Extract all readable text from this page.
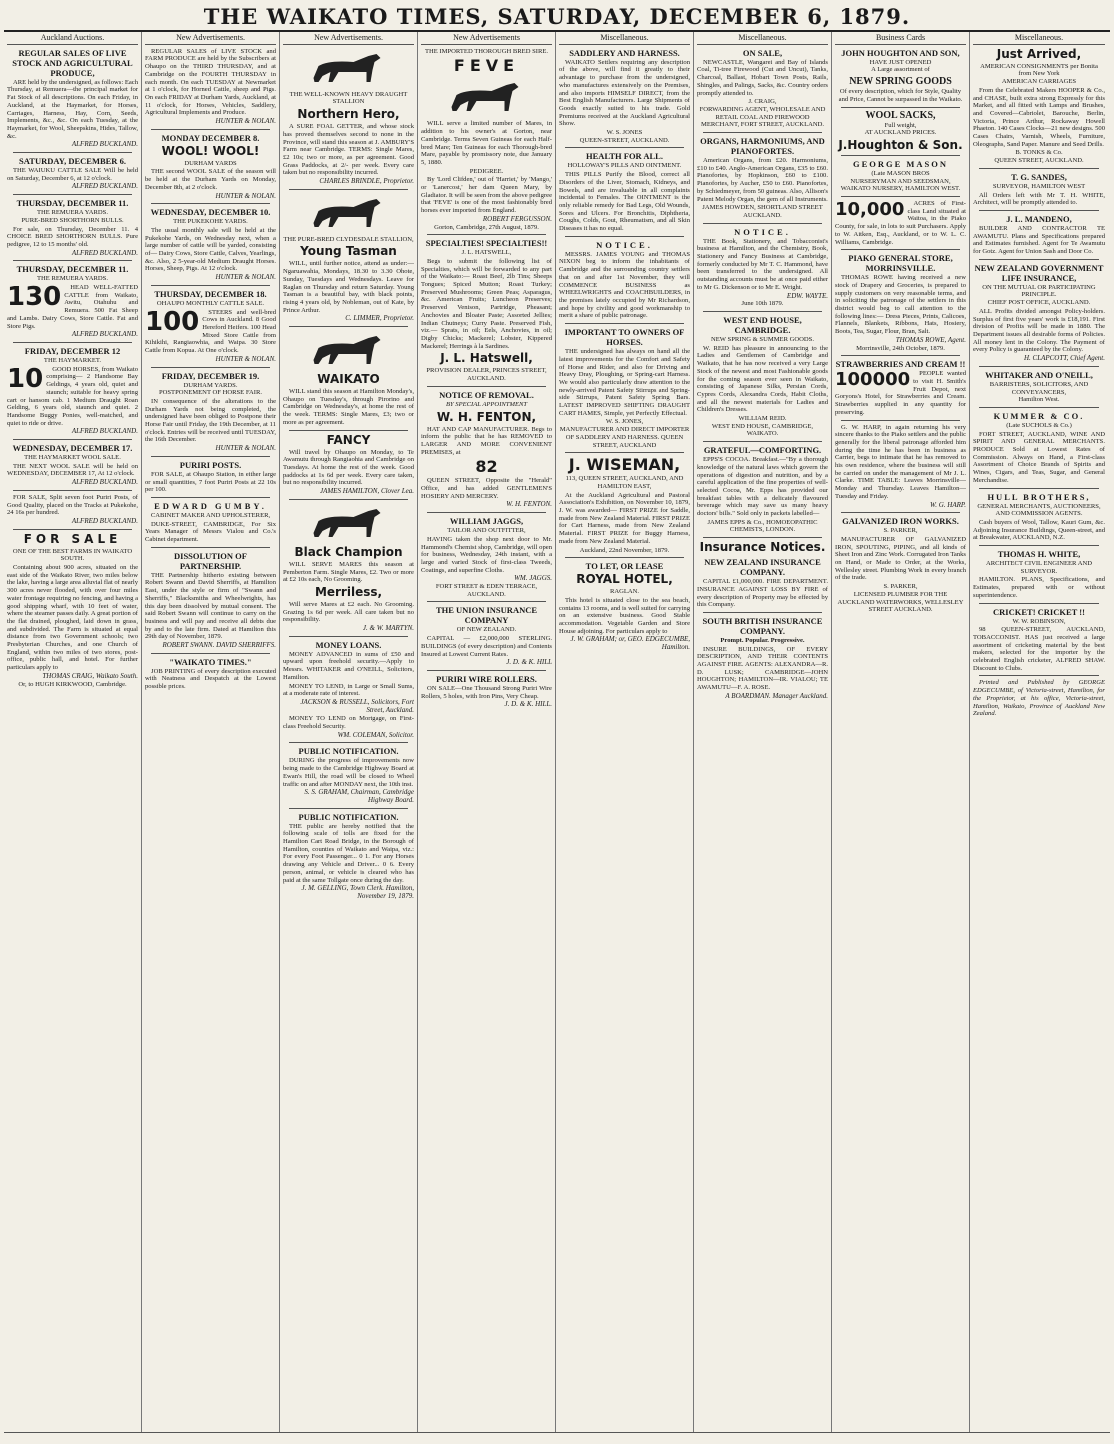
THE WAIKATO TIMES, SATURDAY, DECEMBER 6, 1879.
Auckland Auctions.
REGULAR SALES OF LIVE STOCK AND AGRICULTURAL PRODUCE,

ARE held by the undersigned, as follows: Each Thursday, at Remuera—the principal market for Fat Stock of all descriptions. On each Friday, in Auckland, at the Haymarket, for Horses, Carriages, Harness, Hay, Corn, Seeds, Implements, &c., &c. On each Tuesday, at the Haymarket, for Wool, Sheepskins, Hides, Tallow, &c.

ALFRED BUCKLAND.
SATURDAY, DECEMBER 6.

THE WAIUKU CATTLE SALE Will be held on Saturday, December 6, at 12 o'clock.

ALFRED BUCKLAND.
THURSDAY, DECEMBER 11.
THE REMUERA YARDS.
PURE-BRED SHORTHORN BULLS.

For sale, on Thursday, December 11. 4 CHOICE BRED SHORTHORN BULLS. Pure pedigree, 12 to 15 months' old.

ALFRED BUCKLAND.
THURSDAY, DECEMBER 11.
THE REMUERA YARDS.
130	HEAD WELL-FATTED CATTLE from Waikato, Awitu, Otahuhu and Remuera. 500 Fat Sheep and Lambs. Dairy Cows, Store Cattle. Fat and Store Pigs.

ALFRED BUCKLAND.
FRIDAY, DECEMBER 12
THE HAYMARKET.
10	GOOD HORSES, from Waikato comprising— 2 Handsome Bay Geldings, 4 years old, quiet and staunch; suitable for heavy spring cart or hansom cab. 1 Medium Draught Roan Gelding, 6 years old, staunch and quiet. 2 Handsome Buggy Ponies, well-matched, and quiet to ride or drive.

ALFRED BUCKLAND.
WEDNESDAY, DECEMBER 17.
THE HAYMARKET WOOL SALE.

THE NEXT WOOL SALE will be held on WEDNESDAY, DECEMBER 17, At 12 o'clock.

ALFRED BUCKLAND.

FOR SALE, Split seven foot Puriri Posts, of Good Quality, placed on the Tracks at Pukekohe, 24 16s per hundred.

ALFRED BUCKLAND.
FOR SALE
ONE OF THE BEST FARMS IN WAIKATO SOUTH.

Containing about 900 acres, situated on the east side of the Waikato River, two miles below the lake, having a large area alluvial flat of nearly 300 acres never flooded, with over four miles water frontage requiring no fencing, and having a good shipping wharf, with 10 feet of water, where the steamer passes daily. A great portion of the flat drained, ploughed, laid down in grass, and subdivided. The Farm is situated at equal distance from two Government schools; two Presbyterian Churches, and one Church of England, within two miles of two stores, post-office, public hall, and hotel. For further particulars apply to

THOMAS CRAIG, Waikato South.
Or, to HUGH KIRKWOOD, Cambridge.
New Advertisements.

REGULAR SALES of LIVE STOCK and FARM PRODUCE are held by the Subscribers at Ohaupo on the THIRD THURSDAY, and at Cambridge on the FOURTH THURSDAY in each month. On each TUESDAY at Newmarket at 1 o'clock, for Horned Cattle, sheep and Pigs. On each FRIDAY at Durham Yards, Auckland, at 11 o'clock, for Horses, Vehicles, Saddlery, Agricultural Implements and Produce.

HUNTER & NOLAN.
MONDAY DECEMBER 8.
WOOL! WOOL!
DURHAM YARDS

THE second WOOL SALE of the season will be held at the Durham Yards on Monday, December 8th, at 2 o'clock.

HUNTER & NOLAN.
WEDNESDAY, DECEMBER 10.
THE PUKEKOHE YARDS.

The usual monthly sale will be held at the Pukekohe Yards, on Wednesday next, when a large number of cattle will be yarded, consisting of— Dairy Cows, Store Cattle, Calves, Yearlings, &c. Also, 2 5-year-old Medium Draught Horses. Horses, Sheep, Pigs. At 12 o'clock.

HUNTER & NOLAN.
THURSDAY, DECEMBER 18.
OHAUPO MONTHLY CATTLE SALE.
100	STEERS and well-bred Cows in Auckland. 8 Good Hereford Heifers. 100 Head Mixed Store Cattle from Kihikihi, Rangiaowhia, and Waipa. 30 Store Cattle from Kopua. At One o'clock.

HUNTER & NOLAN.
FRIDAY, DECEMBER 19.
DURHAM YARDS.
POSTPONEMENT OF HORSE FAIR.

IN consequence of the alterations to the Durham Yards not being completed, the undersigned have been obliged to Postpone their Horse Fair until Friday, the 19th December, at 11 o'clock. Entries will be received until TUESDAY, the 16th December.

HUNTER & NOLAN.
PURIRI POSTS.

FOR SALE, at Ohaupo Station, in either large or small quantities, 7 foot Puriri Posts at 22 10s per 100.

EDWARD GUMBY.
CABINET MAKER AND UPHOLSTERER,

DUKE-STREET, CAMBRIDGE, For Six Years Manager of Messrs Vialou and Co.'s Cabinet department.

DISSOLUTION OF PARTNERSHIP.

THE Partnership hitherto existing between Robert Swann and David Sherriffs, at Hamilton East, under the style or firm of "Swann and Sherriffs," Blacksmiths and Wheelwrights, has this day been dissolved by mutual consent. The said Robert Swann will continue to carry on the business and will pay and receive all debts due by and to the late firm. Dated at Hamilton this 29th day of November, 1879.

ROBERT SWANN. DAVID SHERRIFFS.
"WAIKATO TIMES."

JOB PRINTING of every description executed with Neatness and Despatch at the Lowest possible prices.

New Advertisements.
THE WELL-KNOWN HEAVY DRAUGHT STALLION
Northern Hero,

A SURE FOAL GETTER, and whose stock has proved themselves second to none in the Province, will stand this season at J. AMBURY'S Farm near Cambridge. TERMS: Single Mares, £2 10s; two or more, as per agreement. Good Grass Paddocks, at 2/- per week. Every care taken but no responsibility incurred.

CHARLES BRINDLE, Proprietor.
THE PURE-BRED CLYDESDALE STALLION,
Young Tasman

WILL, until further notice, attend as under:— Ngaruawahia, Mondays, 18.30 to 3.30 Ohote, Sunday, Tuesdays and Wednesdays. Leave for Raglan on Thursday and return Saturday. Young Tasman is a beautiful bay, with black points, rising 4 years old, by Nobleman, out of Kate, by Prince Arthur.

C. LIMMER, Proprietor.
WAIKATO

WILL stand this season at Hamilton Monday's, Ohaupo on Tuesday's, through Pirorino and Cambridge on Wednesday's, at home the rest of the week. TERMS: Single Mares, £3; two or more as per agreement.

FANCY

Will travel by Ohaupo on Monday, to Te Awamutu through Rangiaohia and Cambridge on Tuesdays. At home the rest of the week. Good paddocks at 1s 6d per week. Every care taken, but no responsibility incurred.

JAMES HAMILTON, Clover Lea.
Black Champion

WILL SERVE MARES this season at Pemberton Farm. Single Mares, £2. Two or more at £2 10s each, No Grooming.

Merriless,

Will serve Mares at £2 each. No Grooming. Grazing 1s 6d per week. All care taken but no responsibility.

J. & W. MARTYN.
MONEY LOANS.

MONEY ADVANCED in sums of £50 and upward upon freehold security.—Apply to Messrs. WHITAKER and O'NEILL, Solicitors, Hamilton.

MONEY TO LEND, in Large or Small Sums, at a moderate rate of interest.

JACKSON & RUSSELL, Solicitors, Fort Street, Auckland.

MONEY TO LEND on Mortgage, on First-class Freehold Security.

WM. COLEMAN, Solicitor.
PUBLIC NOTIFICATION.

DURING the progress of improvements now being made to the Cambridge Highway Board at Ewan's Hill, the road will be closed to Wheel traffic on and after MONDAY next, the 10th inst.

S. S. GRAHAM, Chairman, Cambridge Highway Board.
PUBLIC NOTIFICATION.

THE public are hereby notified that the following scale of tolls are fixed for the Hamilton Cart Road Bridge, in the Borough of Hamilton, counties of Waikato and Waipa, viz.: For every Foot Passenger... 0 1. For any Horses drawing any Vehicle and Driver... 0 6. Every person, animal, or vehicle is cleared who has paid at the same Tollgate once during the day.

J. M. GELLING, Town Clerk. Hamilton, November 19, 1879.
New Advertisements
THE IMPORTED THOROUGH BRED SIRE.
FEVE

WILL serve a limited number of Mares, in addition to his owner's at Gorton, near Cambridge. Terms Seven Guineas for each Half-bred Mare; Ten Guineas for each Thorough-bred Mare, payable by promissory note, due January 5, 1880.

PEDIGREE.

By 'Lord Clifden,' out of 'Harriet,' by 'Mango,' or 'Lanercost,' her dam Queen Mary, by Gladiator. It will be seen from the above pedigree that 'FEVE' is one of the most fashionably bred horses ever imported from England.

ROBERT FERGUSSON.
Gorton, Cambridge, 27th August, 1879.
SPECIALTIES! SPECIALTIES!!
J. L. HATSWELL,

Begs to submit the following list of Specialties, which will be forwarded to any part of the Waikato:— Roast Beef, 2lb Tins; Sheeps Tongues; Spiced Mutton; Roast Turkey; Preserved Mushrooms; Green Peas; Asparagus, &c. American Fruits; Luncheon Preserves; Preserved Venison, Partridge, Pheasant; Anchovies and Bloater Paste; Assorted Jellies; Indian Chutneys; Curry Paste. Preserved Fish, viz.— Sprats, in oil; Eels, Anchovies, in oil; Digby Chicks; Mackerel; Lobster, Kippered Mackerel; Herrings à la Sardines.

J. L. Hatswell,
PROVISION DEALER, PRINCES STREET, AUCKLAND.
NOTICE OF REMOVAL.
BY SPECIAL APPOINTMENT
W. H. FENTON,

HAT AND CAP MANUFACTURER. Begs to inform the public that he has REMOVED to LARGER AND MORE CONVENIENT PREMISES, at

82

QUEEN STREET, Opposite the "Herald" Office, and has added GENTLEMEN'S HOSIERY AND MERCERY.

W. H. FENTON.
WILLIAM JAGGS,
TAILOR AND OUTFITTER,

HAVING taken the shop next door to Mr. Hammond's Chemist shop, Cambridge, will open for business, Wednesday, 24th instant, with a large and varied Stock of first-class Tweeds, Coatings, and superfine Cloths.

WM. JAGGS.
FORT STREET & EDEN TERRACE, AUCKLAND.
THE UNION INSURANCE COMPANY
OF NEW ZEALAND.

CAPITAL — £2,000,000 STERLING. BUILDINGS (of every description) and Contents Insured at Lowest Current Rates.

J. D. & K. HILL
PURIRI WIRE ROLLERS.

ON SALE—One Thousand Strong Puriri Wire Rollers, 5 holes, with Iron Pins, Very Cheap.

J. D. & K. HILL.
Miscellaneous.
SADDLERY AND HARNESS.

WAIKATO Settlers requiring any description of the above, will find it greatly to their advantage to purchase from the undersigned, who manufactures extensively on the Premises, and also imports HIMSELF DIRECT, from the Best English Manufacturers. Large Shipments of Goods exactly suited to his trade. Gold Premiums received at the Auckland Agricultural Show.

W. S. JONES
QUEEN-STREET, AUCKLAND.
HEALTH FOR ALL.
HOLLOWAY'S PILLS AND OINTMENT.

THIS PILLS Purify the Blood, correct all Disorders of the Liver, Stomach, Kidneys, and Bowels, and are invaluable in all complaints incidental to Females. The OINTMENT is the only reliable remedy for Bad Legs, Old Wounds, Sores and Ulcers. For Bronchitis, Diphtheria, Coughs, Colds, Gout, Rheumatism, and all Skin Diseases it has no equal.

NOTICE.

MESSRS. JAMES YOUNG and THOMAS NIXON beg to inform the inhabitants of Cambridge and the surrounding country settlers that on and after 1st November, they will COMMENCE BUSINESS as WHEELWRIGHTS and COACHBUILDERS, in the premises lately occupied by Mr Richardson, and hope by civility and good workmanship to merit a share of public patronage.

IMPORTANT TO OWNERS OF HORSES.

THE undersigned has always on hand all the latest improvements for the Comfort and Safety of Horse and Rider, and also for Driving and Heavy Dray, Ploughing, or Spring-cart Harness. We would also particularly draw attention to the newly-arrived Patent Safety Stirrups and Spring-side Stirrups, Patent Safety Spring Bars. LATEST IMPROVED SHIFTING DRAUGHT CART HAMES, Simple, yet Perfectly Effectual.

W. S. JONES,
MANUFACTURER AND DIRECT IMPORTER OF SADDLERY AND HARNESS. QUEEN STREET, AUCKLAND
J. WISEMAN,
113, QUEEN STREET, AUCKLAND, AND HAMILTON EAST,

At the Auckland Agricultural and Pastoral Association's Exhibition, on November 10, 1879, J. W. was awarded— FIRST PRIZE for Saddle, made from New Zealand Material. FIRST PRIZE for Cart Harness, made from New Zealand Material. FIRST PRIZE for Buggy Harness, made from New Zealand Material.

Auckland, 22nd November, 1879.
TO LET, OR LEASE
ROYAL HOTEL,
RAGLAN.

This hotel is situated close to the sea beach, contains 13 rooms, and is well suited for carrying on an extensive business. Good Stable accommodation. Vegetable Garden and Store House adjoining. For particulars apply to

J. W. GRAHAM; or, GEO. EDGECUMBE, Hamilton.
Miscellaneous.
ON SALE,

NEWCASTLE, Wangarei and Bay of Islands Coal, Ti-tree Firewood (Cut and Uncut), Tanks, Charcoal, Ballast, Hobart Town Posts, Rails, Shingles, and Palings, Sacks, &c. Country orders promptly attended to.

J. CRAIG,
FORWARDING AGENT, WHOLESALE AND RETAIL COAL AND FIREWOOD MERCHANT, FORT STREET, AUCKLAND.
ORGANS, HARMONIUMS, AND PIANOFORTES.

American Organs, from £20. Harmoniums, £10 to £40. Anglo-American Organs, £35 to £60. Pianofortes, by Hopkinson, £60 to £100. Pianofortes, by Aucher, £50 to £60. Pianofortes, by Schiedmeyer, from 50 guineas. Also, Allison's Patent Melody Organ, the gem of all Instruments.

JAMES HOWDEN, SHORTLAND STREET AUCKLAND.
NOTICE.

THE Book, Stationery, and Tobacconist's business at Hamilton, and the Chemistry, Book, Stationery and Fancy Business at Cambridge, formerly conducted by Mr T. C. Hammond, have been transferred to the undersigned. All outstanding accounts must be at once paid either to Mr G. Dickenson or to Mr E. Wright.

EDW. WAYTE.
June 10th 1879.
WEST END HOUSE, CAMBRIDGE.
NEW SPRING & SUMMER GOODS.

W. REID has pleasure in announcing to the Ladies and Gentlemen of Cambridge and Waikato, that he has now received a very Large Stock of the newest and most Fashionable goods for the coming season ever seen in Waikato, consisting of Japanese Silks, Persian Cords, Cypres Cords, Alexandra Cords, Habit Cloths, and all the newest materials for Ladies and Children's Dresses.

WILLIAM REID.
WEST END HOUSE, CAMBRIDGE, WAIKATO.
GRATEFUL—COMFORTING.

EPPS'S COCOA. Breakfast.—"By a thorough knowledge of the natural laws which govern the operations of digestion and nutrition, and by a careful application of the fine properties of well-selected Cocoa, Mr. Epps has provided our breakfast tables with a delicately flavoured beverage which may save us many heavy doctors' bills." Sold only in packets labelled—

JAMES EPPS & Co., HOMOEOPATHIC CHEMISTS, LONDON.
Insurance Notices.
NEW ZEALAND INSURANCE COMPANY.

CAPITAL £1,000,000. FIRE DEPARTMENT. INSURANCE AGAINST LOSS BY FIRE of every description of Property may be effected by this Company.

SOUTH BRITISH INSURANCE COMPANY.
Prompt. Popular. Progressive.

INSURE BUILDINGS, OF EVERY DESCRIPTION, AND THEIR CONTENTS AGAINST FIRE. AGENTS: ALEXANDRA—R. D. LUSK; CAMBRIDGE—JOHN HOUGHTON; HAMILTON—IR. VIALOU; TE AWAMUTU—F. A. ROSE.

A BOARDMAN. Manager Auckland.
Business Cards
JOHN HOUGHTON AND SON,
HAVE JUST OPENED
A Large assortment of
NEW SPRING GOODS
Of every description, which for Style, Quality and Price, Cannot be surpassed in the Waikato.
WOOL SACKS,
Full weight,
AT AUCKLAND PRICES.
J.Houghton & Son.
GEORGE MASON
(Late MASON BROS
NURSERYMAN AND SEEDSMAN, WAIKATO NURSERY, HAMILTON WEST.
10,000	ACRES of First-class Land situated at Waitoa, in the Piako County, for sale, in lots to suit Purchasers. Apply to W. Aitken, Esq., Auckland, or to W. L. C. Williams, Cambridge.

PIAKO GENERAL STORE, MORRINSVILLE.

THOMAS ROWE having received a new stock of Drapery and Groceries, is prepared to supply customers on very reasonable terms, and in soliciting the patronage of the settlers in this district would beg to call attention to the following lines:— Dress Pieces, Prints, Calicoes, Flannels, Blankets, Ribbons, Hats, Hosiery, Boots, Tea, Sugar, Flour, Bran, Salt.

THOMAS ROWE, Agent.
Morrinsville, 24th October, 1879.
STRAWBERRIES AND CREAM !!
100000	PEOPLE wanted to visit H. Smith's Fruit Depot, next Goryons's Hotel, for Strawberries and Cream. Strawberries supplied in any quantity for preserving.

G. W. HARP, in again returning his very sincere thanks to the Piako settlers and the public generally for the liberal patronage afforded him during the time he has been in business as Carrier, begs to intimate that he has removed to his own residence, where the business will still be carried on under the management of Mr J. L. Clarke. TIME TABLE: Leaves Morrinsville—Monday and Thursday. Leaves Hamilton—Tuesday and Friday.

W. G. HARP.
GALVANIZED IRON WORKS.
S. PARKER,

MANUFACTURER OF GALVANIZED IRON, SPOUTING, PIPING, and all kinds of Sheet Iron and Zinc Work. Corrugated Iron Tanks on Hand, or Made to Order, at the Works, Wellesley street. Plumbing Work in every branch of the trade.

S. PARKER,
LICENSED PLUMBER FOR THE AUCKLAND WATERWORKS, WELLESLEY STREET AUCKLAND.
Miscellaneous.
Just Arrived,
AMERICAN CONSIGNMENTS per Bonita from New York
AMERICAN CARRIAGES

From the Celebrated Makers HOOPER & Co., and CHASE, built extra strong Expressly for this Market, and all fitted with Lamps and Brushes, and Covered—Cabriolet, Barouche, Berlin, Victoria, Prince Arthur, Rockaway Howell Phaeton. 140 Cases Clocks—21 new designs. 500 Cases Chairs, Varnish, Wheels, Furniture, Oleographs, Sand Paper. Manure and Seed Drills.

B. TONKS & Co.
QUEEN STREET, AUCKLAND.
T. G. SANDES,
SURVEYOR, HAMILTON WEST

All Orders left with Mr T. H. WHITE, Architect, will be promptly attended to.

J. L. MANDENO,

BUILDER AND CONTRACTOR TE AWAMUTU. Plans and Specifications prepared and Estimates furnished. Agent for Te Awamutu for Gotz. Agent for Union Sash and Door Co.

NEW ZEALAND GOVERNMENT LIFE INSURANCE,
ON THE MUTUAL OR PARTICIPATING PRINCIPLE.
CHIEF POST OFFICE, AUCKLAND.

ALL Profits divided amongst Policy-holders. Surplus of first five years' work is £18,191. First division of Profits will be made in 1880. The Department issues all desirable forms of Policies. All money lent in the Colony. The Payment of every Policy is guaranteed by the Colony.

H. CLAPCOTT, Chief Agent.
WHITAKER AND O'NEILL,
BARRISTERS, SOLICITORS, AND CONVEYANCERS,
Hamilton West.
KUMMER & CO.
(Late SUCHOLS & Co.)

FORT STREET, AUCKLAND, WINE AND SPIRIT AND GENERAL MERCHANTS. PRODUCE Sold at Lowest Rates of Commission. Always on Hand, a First-class Assortment of Choice Brands of Spirits and Wines, Cigars, and Teas, Sugar, and General Merchandise.

HULL BROTHERS,
GENERAL MERCHANTS, AUCTIONEERS, AND COMMISSION AGENTS.

Cash buyers of Wool, Tallow, Kauri Gum, &c. Adjoining Insurance Buildings, Queen-street, and at Breakwater, AUCKLAND, N.Z.

THOMAS H. WHITE,
ARCHITECT CIVIL ENGINEER AND SURVEYOR.

HAMILTON. PLANS, Specifications, and Estimates, prepared with or without superintendence.

CRICKET! CRICKET !!
W. W. ROBINSON,

98 QUEEN-STREET, AUCKLAND, TOBACCONIST. HAS just received a large assortment of cricketing material by the best makers, selected for the importer by the celebrated English cricketer, ALFRED SHAW. Discount to Clubs.

Printed and Published by GEORGE EDGECUMBE, of Victoria-street, Hamilton, for the Proprietor, at his office, Victoria-street, Hamilton, Waikato, Province of Auckland New Zealand.
